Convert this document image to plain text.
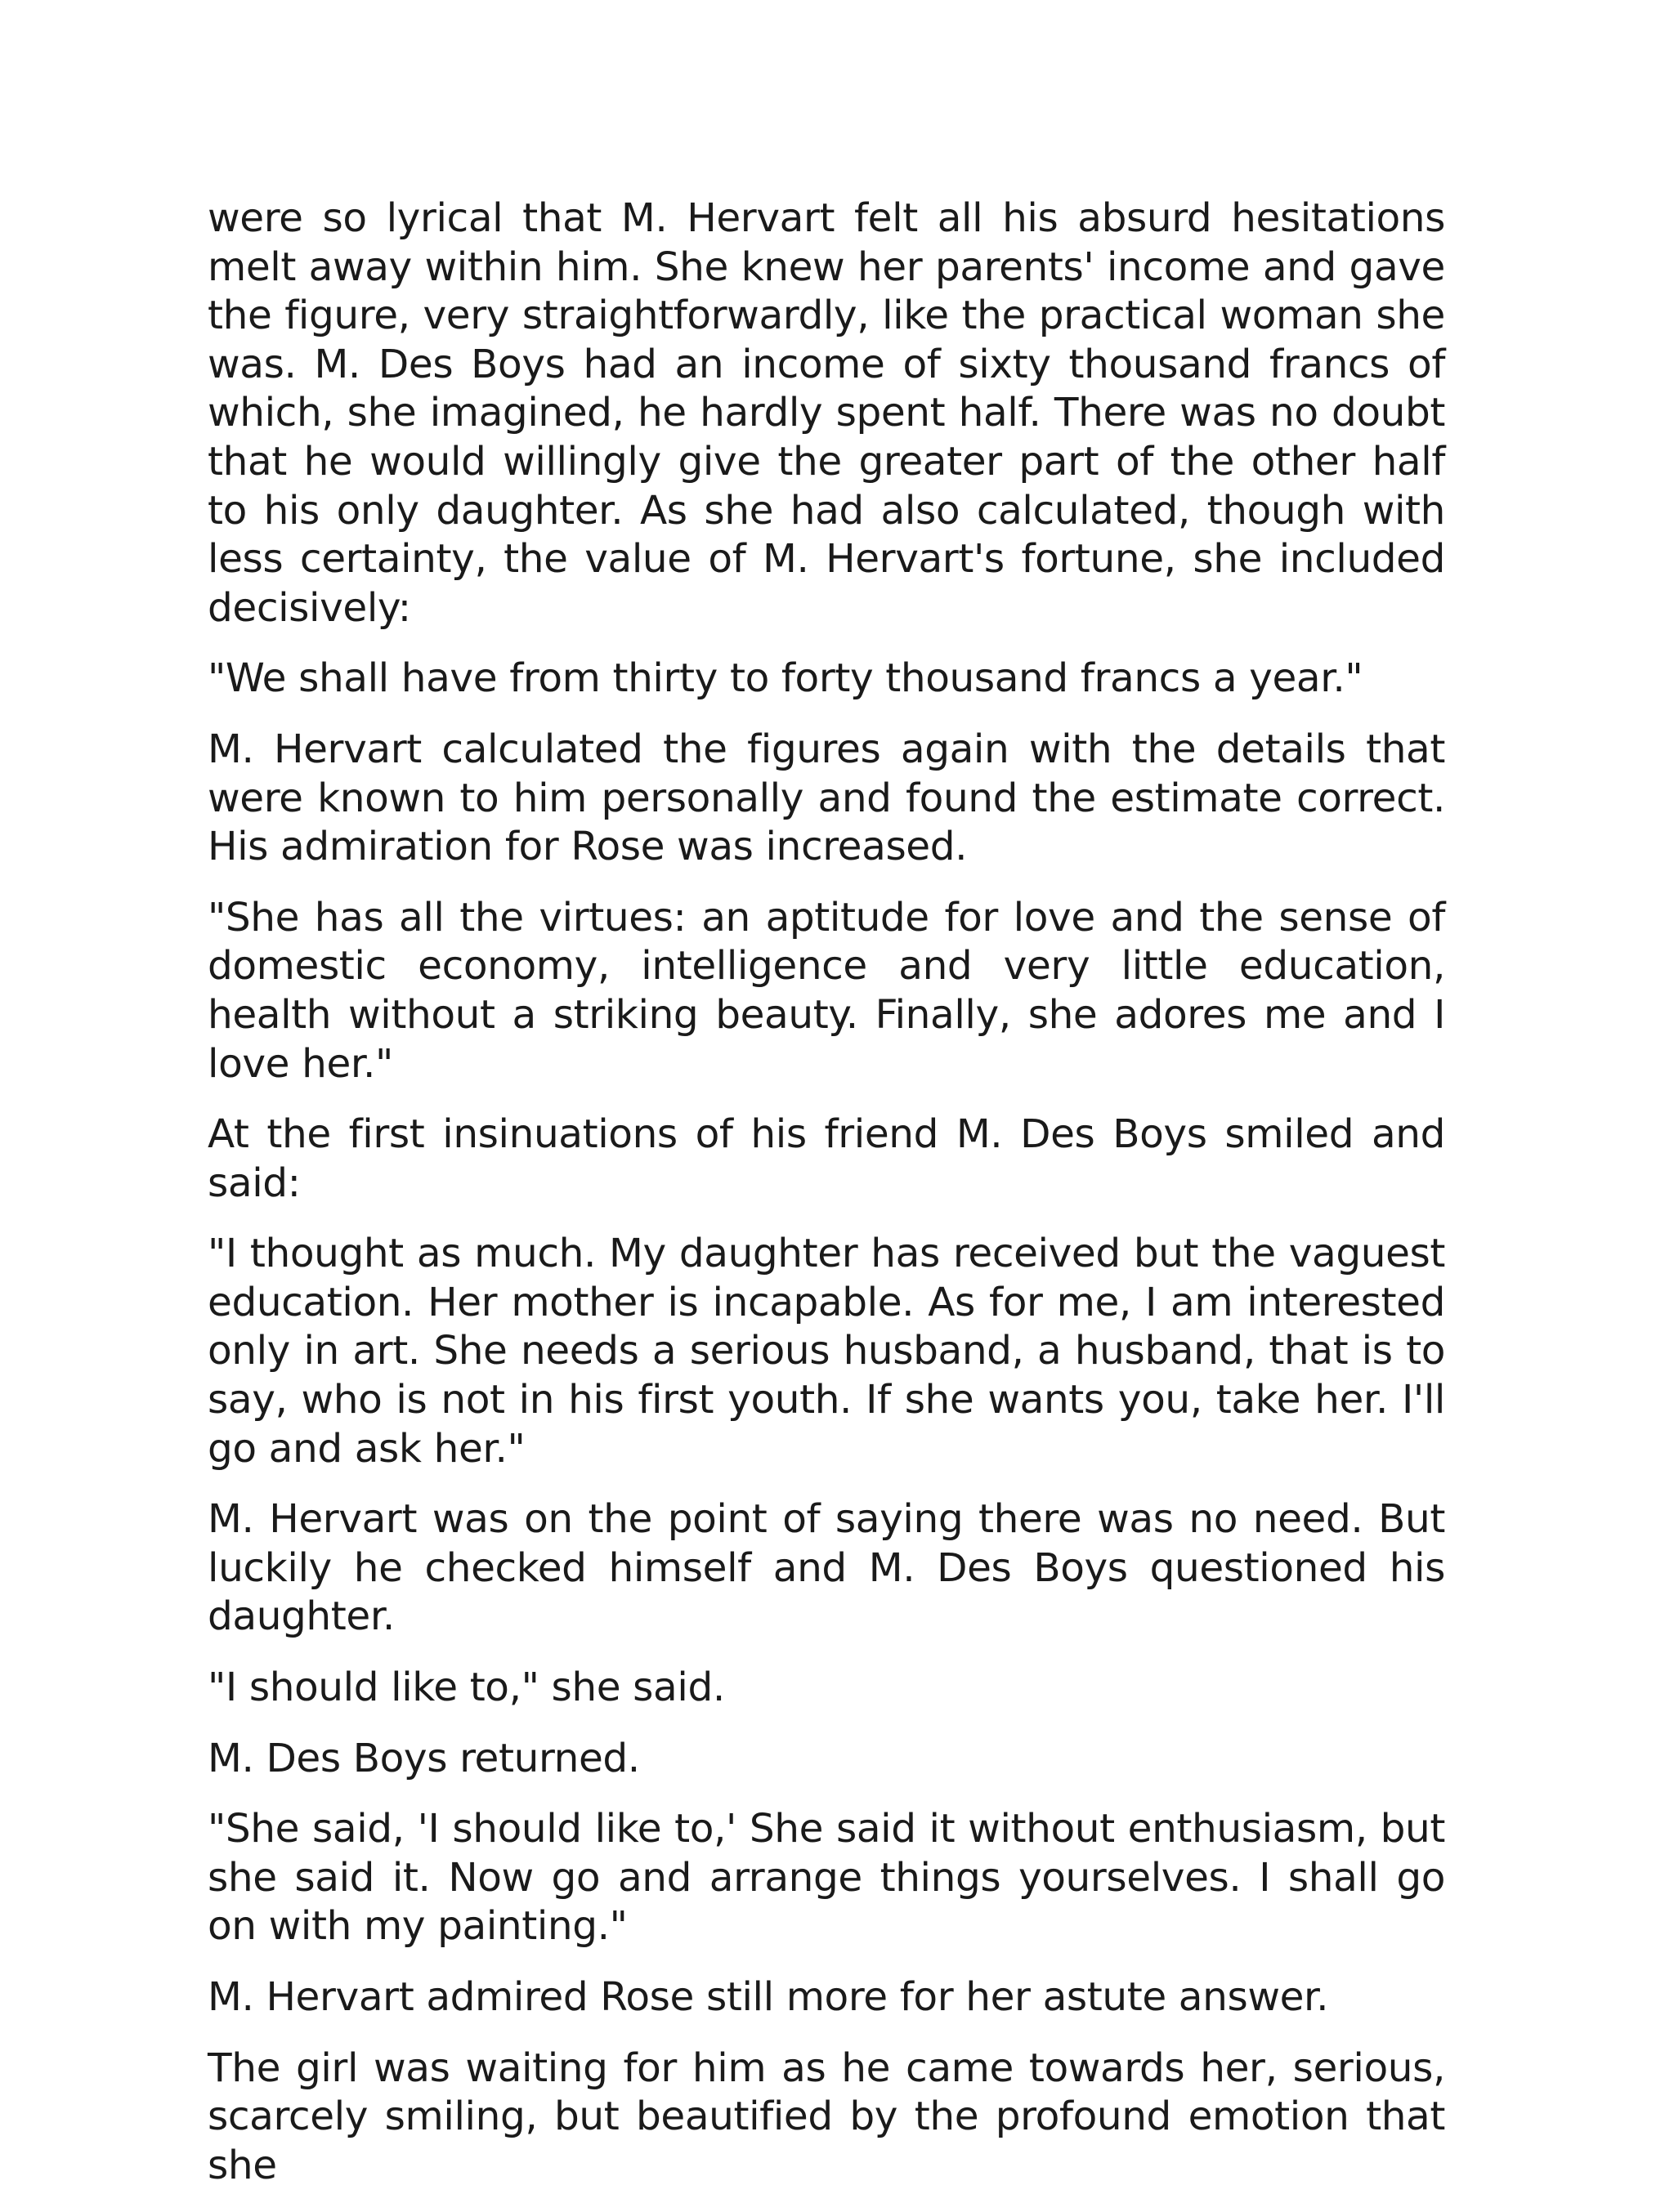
were so lyrical that M. Hervart felt all his absurd hesitations melt away within him. She knew her parents' income and gave the figure, very straightforwardly, like the practical woman she was. M. Des Boys had an income of sixty thousand francs of which, she imagined, he hardly spent half. There was no doubt that he would willingly give the greater part of the other half to his only daughter. As she had also calculated, though with less certainty, the value of M. Hervart's fortune, she included decisively:

"We shall have from thirty to forty thousand francs a year."

M. Hervart calculated the figures again with the details that were known to him personally and found the estimate correct. His admiration for Rose was increased.

"She has all the virtues: an aptitude for love and the sense of domestic economy, intelligence and very little education, health without a striking beauty. Finally, she adores me and I love her."

At the first insinuations of his friend M. Des Boys smiled and said:

"I thought as much. My daughter has received but the vaguest education. Her mother is incapable. As for me, I am interested only in art. She needs a serious husband, a husband, that is to say, who is not in his first youth. If she wants you, take her. I'll go and ask her."

M. Hervart was on the point of saying there was no need. But luckily he checked himself and M. Des Boys questioned his daughter.

"I should like to," she said.

M. Des Boys returned.

"She said, 'I should like to,' She said it without enthusiasm, but she said it. Now go and arrange things yourselves. I shall go on with my painting."

M. Hervart admired Rose still more for her astute answer.

The girl was waiting for him as he came towards her, serious, scarcely smiling, but beautified by the profound emotion that she
